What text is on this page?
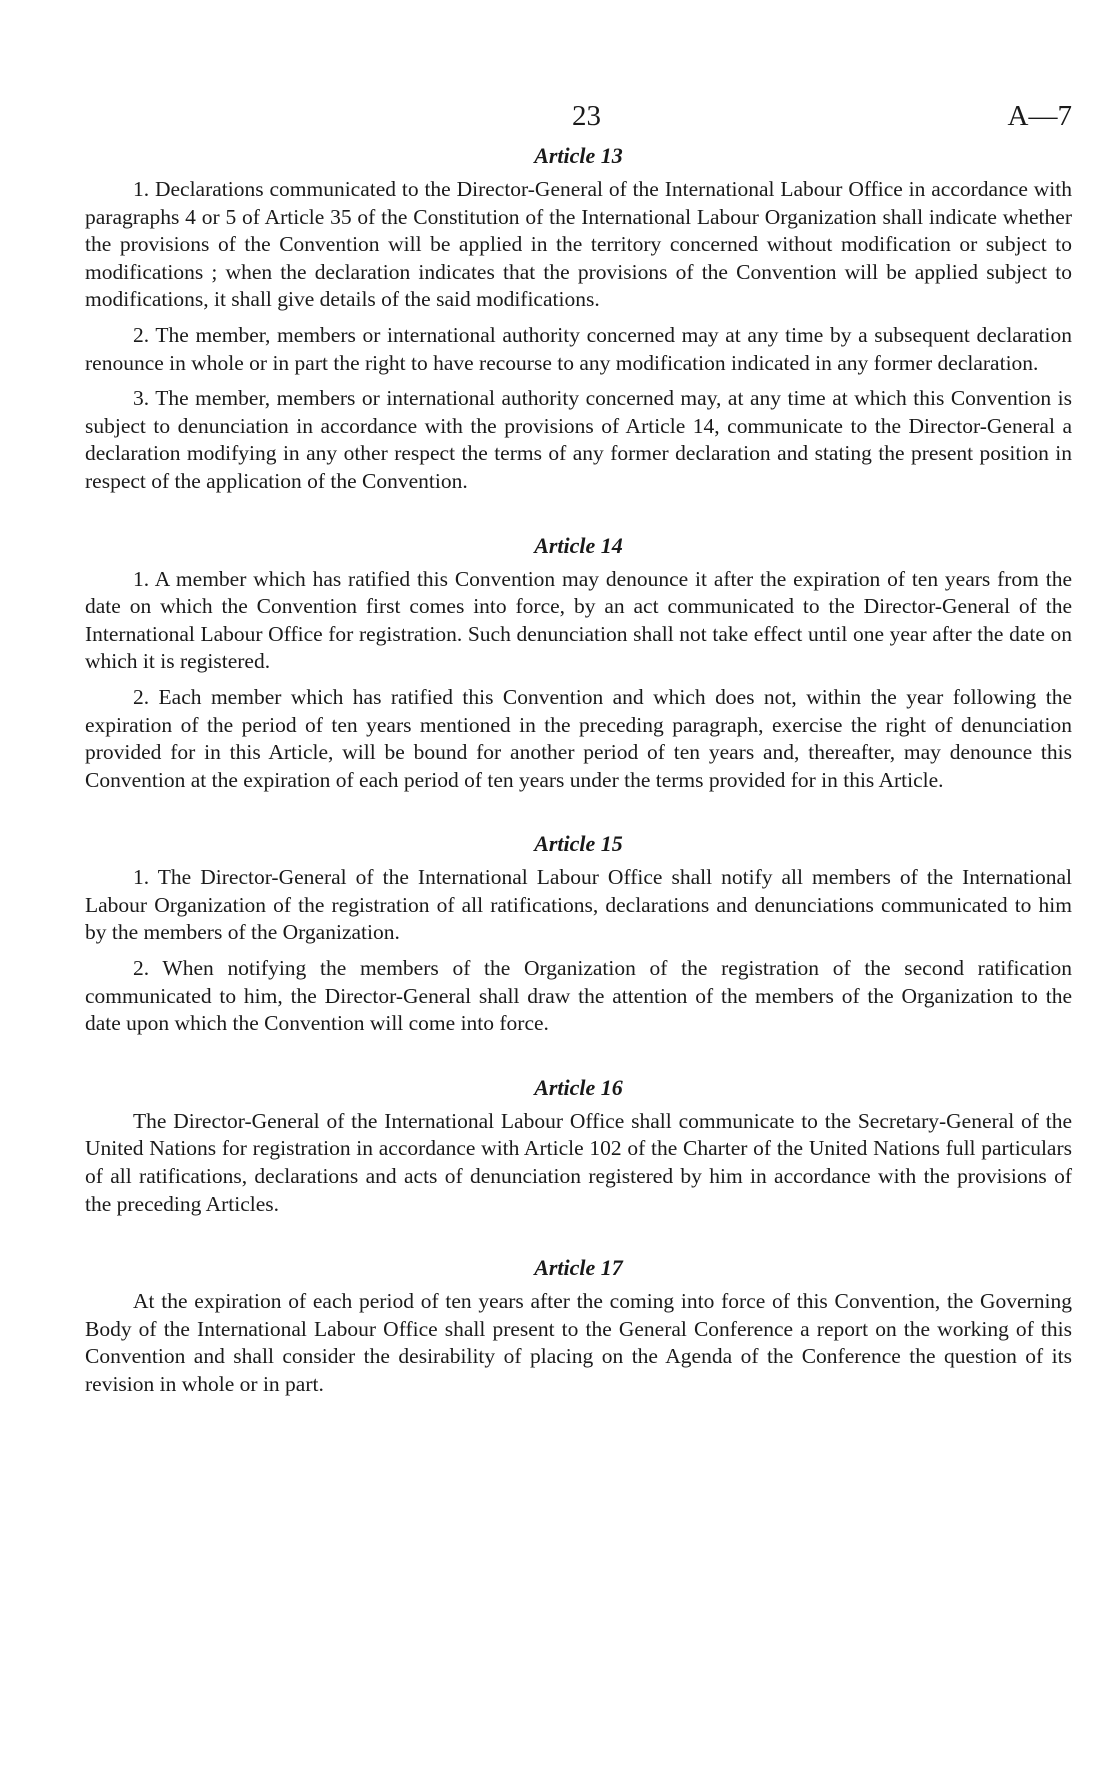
23	A—7
Article 13

1. Declarations communicated to the Director-General of the International Labour Office in accordance with paragraphs 4 or 5 of Article 35 of the Constitution of the International Labour Organization shall indicate whether the provisions of the Convention will be applied in the territory concerned without modification or subject to modifications ; when the declaration indicates that the provisions of the Convention will be applied subject to modifications, it shall give details of the said modifications.

2. The member, members or international authority concerned may at any time by a subsequent declaration renounce in whole or in part the right to have recourse to any modification indicated in any former declaration.

3. The member, members or international authority concerned may, at any time at which this Convention is subject to denunciation in accordance with the provisions of Article 14, communicate to the Director-General a declaration modifying in any other respect the terms of any former declaration and stating the present position in respect of the application of the Convention.

Article 14

1. A member which has ratified this Convention may denounce it after the expiration of ten years from the date on which the Convention first comes into force, by an act communicated to the Director-General of the International Labour Office for registration. Such denunciation shall not take effect until one year after the date on which it is registered.

2. Each member which has ratified this Convention and which does not, within the year following the expiration of the period of ten years mentioned in the preceding paragraph, exercise the right of denunciation provided for in this Article, will be bound for another period of ten years and, thereafter, may denounce this Convention at the expiration of each period of ten years under the terms provided for in this Article.

Article 15

1. The Director-General of the International Labour Office shall notify all members of the International Labour Organization of the registration of all ratifications, declarations and denunciations communicated to him by the members of the Organization.

2. When notifying the members of the Organization of the registration of the second ratification communicated to him, the Director-General shall draw the attention of the members of the Organization to the date upon which the Convention will come into force.

Article 16

The Director-General of the International Labour Office shall communicate to the Secretary-General of the United Nations for registration in accordance with Article 102 of the Charter of the United Nations full particulars of all ratifications, declarations and acts of denunciation registered by him in accordance with the provisions of the preceding Articles.

Article 17

At the expiration of each period of ten years after the coming into force of this Convention, the Governing Body of the International Labour Office shall present to the General Conference a report on the working of this Convention and shall consider the desirability of placing on the Agenda of the Conference the question of its revision in whole or in part.
